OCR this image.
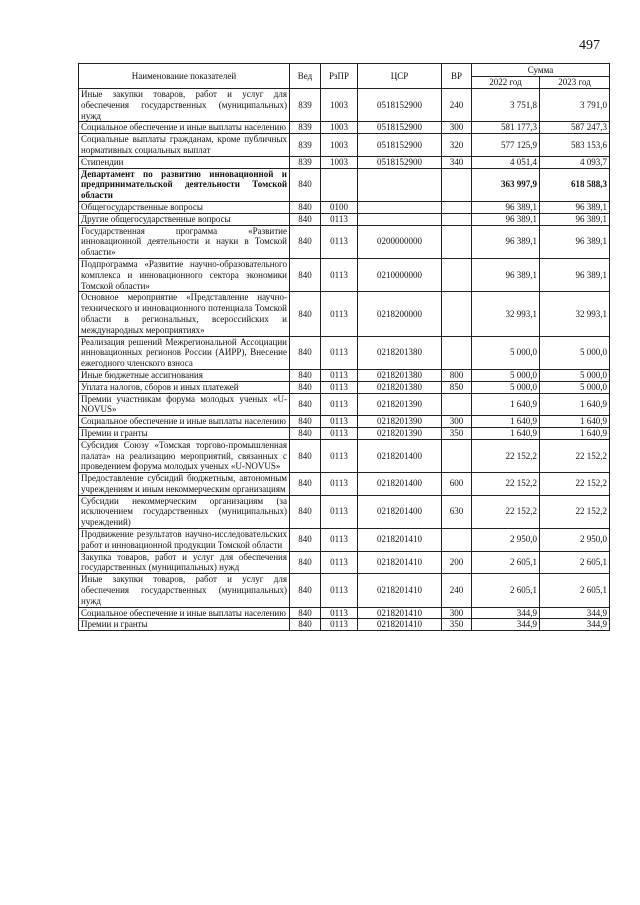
497
Наименование показателей	Вед	РзПР	ЦСР	ВР	Сумма	
					2022 год	2023 год
Иные закупки товаров, работ и услуг для обеспечения государственных (муниципальных) нужд	839	1003	0518152900	240	3 751,8	3 791,0
Социальное обеспечение и иные выплаты населению	839	1003	0518152900	300	581 177,3	587 247,3
Социальные выплаты гражданам, кроме публичных нормативных социальных выплат	839	1003	0518152900	320	577 125,9	583 153,6
Стипендии	839	1003	0518152900	340	4 051,4	4 093,7
Департамент по развитию инновационной и предпринимательской деятельности Томской области	840				363 997,9	618 588,3
Общегосударственные вопросы	840	0100			96 389,1	96 389,1
Другие общегосударственные вопросы	840	0113			96 389,1	96 389,1
Государственная программа «Развитие инновационной деятельности и науки в Томской области»	840	0113	0200000000		96 389,1	96 389,1
Подпрограмма «Развитие научно-образовательного комплекса и инновационного сектора экономики Томской области»	840	0113	0210000000		96 389,1	96 389,1
Основное мероприятие «Представление научно-технического и инновационного потенциала Томской области в региональных, всероссийских и международных мероприятиях»	840	0113	0218200000		32 993,1	32 993,1
Реализация решений Межрегиональной Ассоциации инновационных регионов России (АИРР), Внесение ежегодного членского взноса	840	0113	0218201380		5 000,0	5 000,0
Иные бюджетные ассигнования	840	0113	0218201380	800	5 000,0	5 000,0
Уплата налогов, сборов и иных платежей	840	0113	0218201380	850	5 000,0	5 000,0
Премии участникам форума молодых ученых «U-NOVUS»	840	0113	0218201390		1 640,9	1 640,9
Социальное обеспечение и иные выплаты населению	840	0113	0218201390	300	1 640,9	1 640,9
Премии и гранты	840	0113	0218201390	350	1 640,9	1 640,9
Субсидия Союзу «Томская торгово-промышленная палата» на реализацию мероприятий, связанных с проведением форума молодых ученых «U-NOVUS»	840	0113	0218201400		22 152,2	22 152,2
Предоставление субсидий бюджетным, автономным учреждениям и иным некоммерческим организациям	840	0113	0218201400	600	22 152,2	22 152,2
Субсидии некоммерческим организациям (за исключением государственных (муниципальных) учреждений)	840	0113	0218201400	630	22 152,2	22 152,2
Продвижение результатов научно-исследовательских работ и инновационной продукции Томской области	840	0113	0218201410		2 950,0	2 950,0
Закупка товаров, работ и услуг для обеспечения государственных (муниципальных) нужд	840	0113	0218201410	200	2 605,1	2 605,1
Иные закупки товаров, работ и услуг для обеспечения государственных (муниципальных) нужд	840	0113	0218201410	240	2 605,1	2 605,1
Социальное обеспечение и иные выплаты населению	840	0113	0218201410	300	344,9	344,9
Премии и гранты	840	0113	0218201410	350	344,9	344,9
